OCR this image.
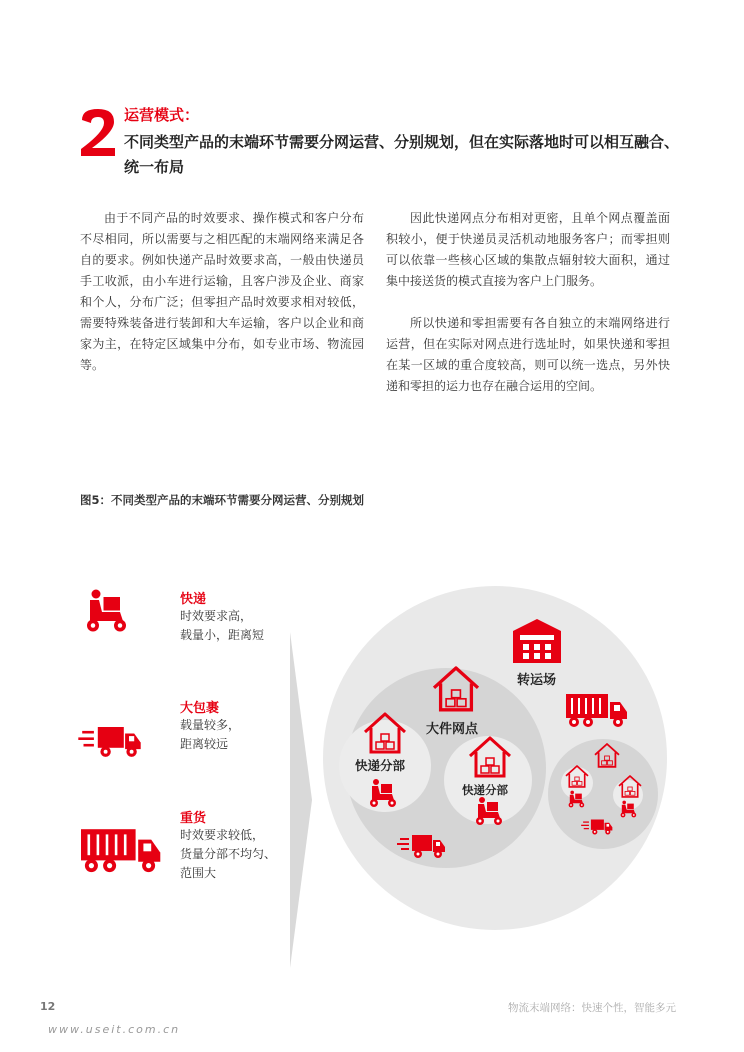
运营模式：
不同类型产品的末端环节需要分网运营、分别规划，但在实际落地时可以相互融合、统一布局

由于不同产品的时效要求、操作模式和客户分布不尽相同，所以需要与之相匹配的末端网络来满足各自的要求。例如快递产品时效要求高，一般由快递员手工收派，由小车进行运输，且客户涉及企业、商家和个人，分布广泛；但零担产品时效要求相对较低，需要特殊装备进行装卸和大车运输，客户以企业和商家为主，在特定区域集中分布，如专业市场、物流园等。

因此快递网点分布相对更密，且单个网点覆盖面积较小，便于快递员灵活机动地服务客户；而零担则可以依靠一些核心区域的集散点辐射较大面积，通过集中接送货的模式直接为客户上门服务。

所以快递和零担需要有各自独立的末端网络进行运营，但在实际对网点进行选址时，如果快递和零担在某一区域的重合度较高，则可以统一选点，另外快递和零担的运力也存在融合运用的空间。

图5：不同类型产品的末端环节需要分网运营、分别规划
转运场
大件网点
快递分部
快递分部
快递
时效要求高，
载量小，距离短
大包裹
载量较多，
距离较远
重货
时效要求较低，
货量分部不均匀、
范围大
12	物流末端网络：快速个性，智能多元
www.useit.com.cn
